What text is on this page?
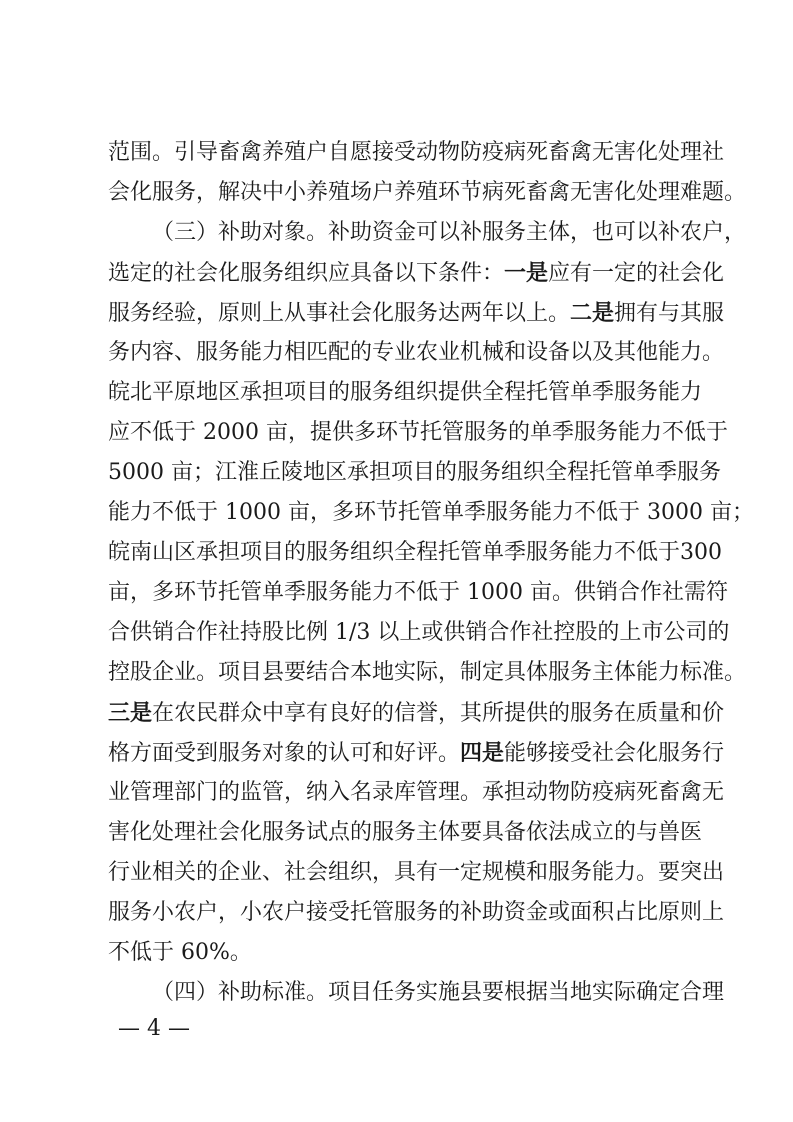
范围。引导畜禽养殖户自愿接受动物防疫病死畜禽无害化处理社
会化服务，解决中小养殖场户养殖环节病死畜禽无害化处理难题。
（三）补助对象。补助资金可以补服务主体，也可以补农户，
选定的社会化服务组织应具备以下条件：一是应有一定的社会化
服务经验，原则上从事社会化服务达两年以上。二是拥有与其服
务内容、服务能力相匹配的专业农业机械和设备以及其他能力。
皖北平原地区承担项目的服务组织提供全程托管单季服务能力
应不低于 2000 亩，提供多环节托管服务的单季服务能力不低于
5000 亩；江淮丘陵地区承担项目的服务组织全程托管单季服务
能力不低于 1000 亩，多环节托管单季服务能力不低于 3000 亩；
皖南山区承担项目的服务组织全程托管单季服务能力不低于300
亩，多环节托管单季服务能力不低于 1000 亩。供销合作社需符
合供销合作社持股比例 1/3 以上或供销合作社控股的上市公司的
控股企业。项目县要结合本地实际，制定具体服务主体能力标准。
三是在农民群众中享有良好的信誉，其所提供的服务在质量和价
格方面受到服务对象的认可和好评。四是能够接受社会化服务行
业管理部门的监管，纳入名录库管理。承担动物防疫病死畜禽无
害化处理社会化服务试点的服务主体要具备依法成立的与兽医
行业相关的企业、社会组织，具有一定规模和服务能力。要突出
服务小农户，小农户接受托管服务的补助资金或面积占比原则上
不低于 60%。
（四）补助标准。项目任务实施县要根据当地实际确定合理
— 4 —
